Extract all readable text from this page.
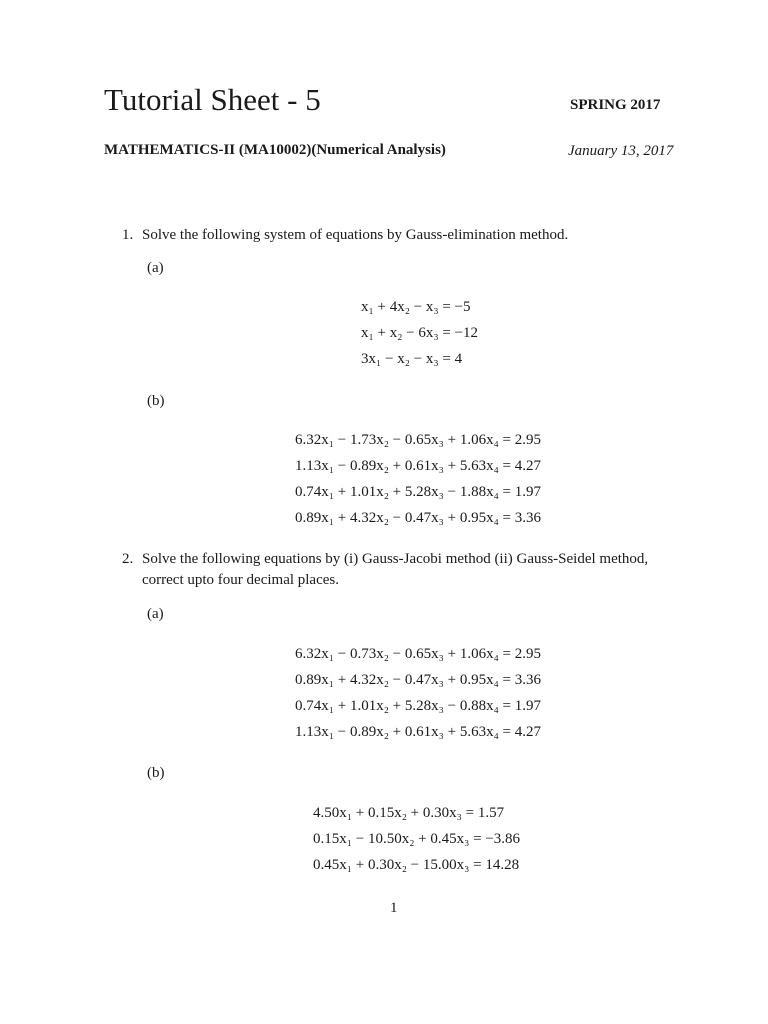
Tutorial Sheet - 5	SPRING 2017
MATHEMATICS-II (MA10002)(Numerical Analysis)	January 13, 2017
1. Solve the following system of equations by Gauss-elimination method.
(a)
x₁ + 4x₂ − x₃ = −5
x₁ + x₂ − 6x₃ = −12
3x₁ − x₂ − x₃ = 4
(b)
6.32x₁ − 1.73x₂ − 0.65x₃ + 1.06x₄ = 2.95
1.13x₁ − 0.89x₂ + 0.61x₃ + 5.63x₄ = 4.27
0.74x₁ + 1.01x₂ + 5.28x₃ − 1.88x₄ = 1.97
0.89x₁ + 4.32x₂ − 0.47x₃ + 0.95x₄ = 3.36
2. Solve the following equations by (i) Gauss-Jacobi method (ii) Gauss-Seidel method,
correct upto four decimal places.
(a)
6.32x₁ − 0.73x₂ − 0.65x₃ + 1.06x₄ = 2.95
0.89x₁ + 4.32x₂ − 0.47x₃ + 0.95x₄ = 3.36
0.74x₁ + 1.01x₂ + 5.28x₃ − 0.88x₄ = 1.97
1.13x₁ − 0.89x₂ + 0.61x₃ + 5.63x₄ = 4.27
(b)
4.50x₁ + 0.15x₂ + 0.30x₃ = 1.57
0.15x₁ − 10.50x₂ + 0.45x₃ = −3.86
0.45x₁ + 0.30x₂ − 15.00x₃ = 14.28
1
